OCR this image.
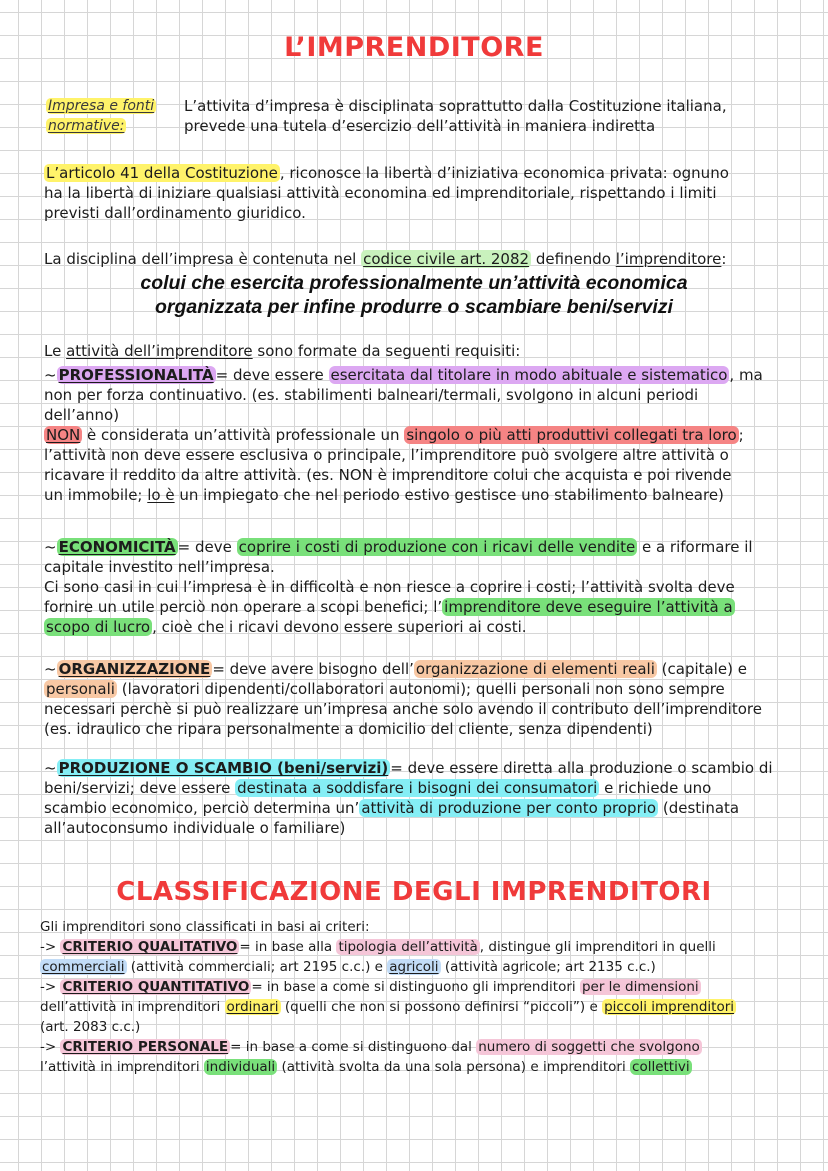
L’IMPRENDITORE
Impresa e fonti
normative:
L’attivita d’impresa è disciplinata soprattutto dalla Costituzione italiana,
prevede una tutela d’esercizio dell’attività in maniera indiretta
L’articolo 41 della Costituzione , riconosce la libertà d’iniziativa economica privata: ognuno
ha la libertà di iniziare qualsiasi attività economina ed imprenditoriale, rispettando i limiti
previsti dall’ordinamento giuridico.
La disciplina dell’impresa è contenuta nel codice civile art. 2082 definendo l’imprenditore:
colui che esercita professionalmente un’attività economica
organizzata per infine produrre o scambiare beni/servizi
Le attività dell’imprenditore sono formate da seguenti requisiti:
~ PROFESSIONALITÀ = deve essere esercitata dal titolare in modo abituale e sistematico , ma
non per forza continuativo. (es. stabilimenti balneari/termali, svolgono in alcuni periodi
dell’anno)
NON è considerata un’attività professionale un singolo o più atti produttivi collegati tra loro ;
l’attività non deve essere esclusiva o principale, l’imprenditore può svolgere altre attività o
ricavare il reddito da altre attività. (es. NON è imprenditore colui che acquista e poi rivende
un immobile; lo è un impiegato che nel periodo estivo gestisce uno stabilimento balneare)
~ ECONOMICITÀ = deve coprire i costi di produzione con i ricavi delle vendite e a riformare il
capitale investito nell’impresa.
Ci sono casi in cui l’impresa è in difficoltà e non riesce a coprire i costi; l’attività svolta deve
fornire un utile perciò non operare a scopi benefici; l’ imprenditore deve eseguire l’attività a
scopo di lucro , cioè che i ricavi devono essere superiori ai costi.
~ ORGANIZZAZIONE = deve avere bisogno dell’ organizzazione di elementi reali (capitale) e
personali (lavoratori dipendenti/collaboratori autonomi); quelli personali non sono sempre
necessari perchè si può realizzare un’impresa anche solo avendo il contributo dell’imprenditore
(es. idraulico che ripara personalmente a domicilio del cliente, senza dipendenti)
~ PRODUZIONE O SCAMBIO (beni/servizi) = deve essere diretta alla produzione o scambio di
beni/servizi; deve essere destinata a soddisfare i bisogni dei consumatori e richiede uno
scambio economico, perciò determina un’ attività di produzione per conto proprio (destinata
all’autoconsumo individuale o familiare)
CLASSIFICAZIONE DEGLI IMPRENDITORI
Gli imprenditori sono classificati in basi ai criteri:
-> CRITERIO QUALITATIVO = in base alla tipologia dell’attività , distingue gli imprenditori in quelli
commerciali (attività commerciali; art 2195 c.c.) e agricoli (attività agricole; art 2135 c.c.)
-> CRITERIO QUANTITATIVO = in base a come si distinguono gli imprenditori per le dimensioni
dell’attività in imprenditori ordinari (quelli che non si possono definirsi “piccoli”) e piccoli imprenditori
(art. 2083 c.c.)
-> CRITERIO PERSONALE = in base a come si distinguono dal numero di soggetti che svolgono
l’attività in imprenditori individuali (attività svolta da una sola persona) e imprenditori collettivi
